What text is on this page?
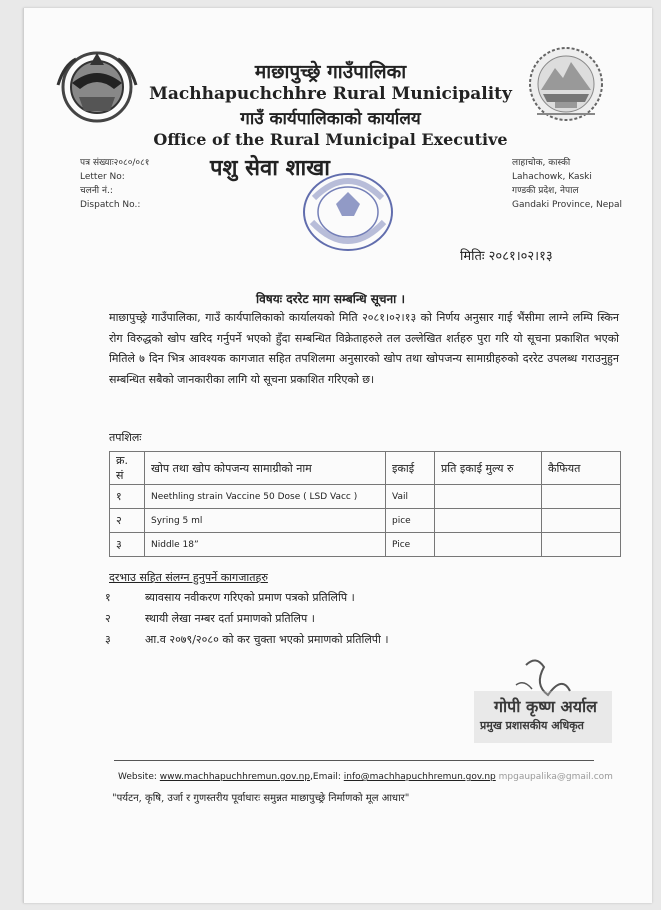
माछापुच्छ्रे गाउँपालिका
Machhapuchchhre Rural Municipality
गाउँ कार्यपालिकाको कार्यालय
Office of the Rural Municipal Executive
पशु सेवा शाखा
पत्र संख्याः२०८०/०८१
Letter No:
चलनी नं.:
Dispatch No.:
लाहाचोक, कास्की
Lahachowk, Kaski
गण्डकी प्रदेश, नेपाल
Gandaki Province, Nepal
मितिः २०८१।०२।१३
विषयः दररेट माग सम्बन्धि सूचना ।
माछापुच्छ्रे गाउँपालिका, गाउँ कार्यपालिकाको कार्यालयको मिति २०८१।०२।१३ को निर्णय अनुसार गाई भैंसीमा लाग्ने लम्पि स्किन रोग विरुद्धको खोप खरिद गर्नुपर्ने भएको हुँदा सम्बन्धित विक्रेताहरुले तल उल्लेखित शर्तहरु पुरा गरि यो सूचना प्रकाशित भएको मितिले ७ दिन भित्र आवश्यक कागजात सहित तपशिलमा अनुसारको खोप तथा खोपजन्य सामाग्रीहरुको दररेट उपलब्ध गराउनुहुन सम्बन्धित सबैको जानकारीका लागि यो सूचना प्रकाशित गरिएको छ।
तपशिलः
क्र. सं	खोप तथा खोप कोपजन्य सामाग्रीको नाम	इकाई	प्रति इकाई मुल्य रु	कैफियत
१	Neethling strain Vaccine 50 Dose ( LSD Vacc )	Vail		
२	Syring 5 ml	pice		
३	Niddle 18”	Pice		
दरभाउ सहित संलग्न हुनुपर्ने कागजातहरु
१	ब्यावसाय नवीकरण गरिएको प्रमाण पत्रको प्रतिलिपि ।
२	स्थायी लेखा नम्बर दर्ता प्रमाणको प्रतिलिप ।
३	आ.व २०७९/२०८० को कर चुक्ता भएको प्रमाणको प्रतिलिपी ।
गोपी कृष्ण अर्याल
प्रमुख प्रशासकीय अधिकृत
Website: www.machhapuchhremun.gov.np,Email: info@machhapuchhremun.gov.np mpgaupalika@gmail.com
"पर्यटन, कृषि, उर्जा र गुणस्तरीय पूर्वाधारः समुन्नत माछापुच्छ्रे निर्माणको मूल आधार"
